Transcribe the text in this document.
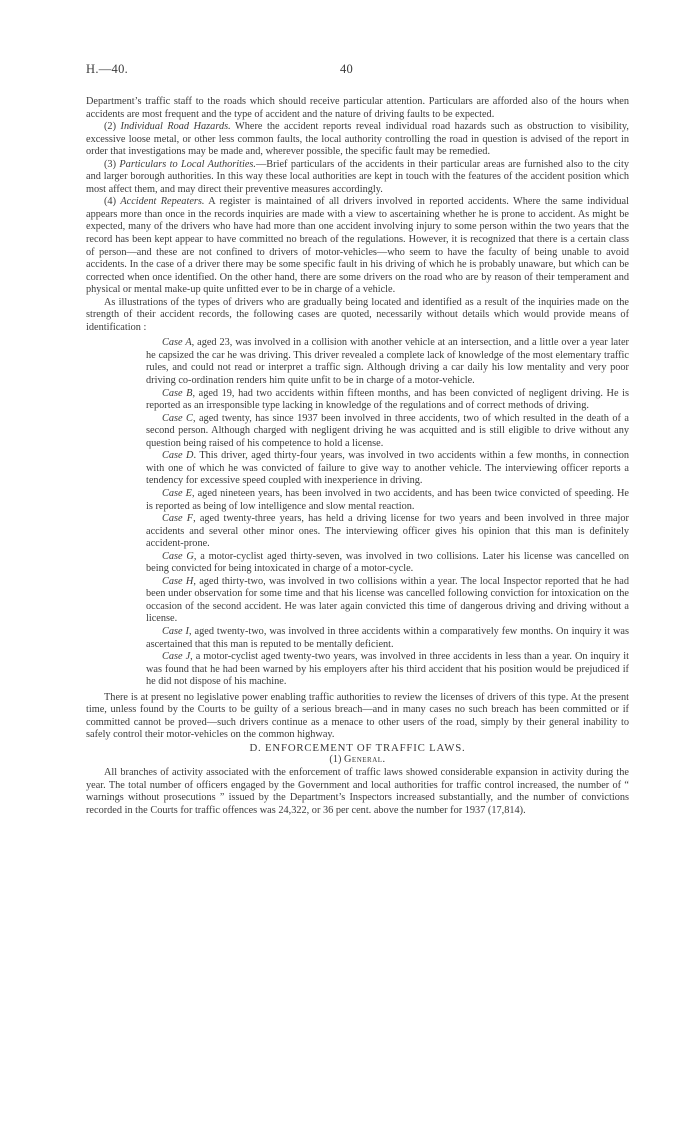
H.—40.	40

Department’s traffic staff to the roads which should receive particular attention. Particulars are afforded also of the hours when accidents are most frequent and the type of accident and the nature of driving faults to be expected.

(2) Individual Road Hazards. Where the accident reports reveal individual road hazards such as obstruction to visibility, excessive loose metal, or other less common faults, the local authority controlling the road in question is advised of the report in order that investigations may be made and, wherever possible, the specific fault may be remedied.

(3) Particulars to Local Authorities.—Brief particulars of the accidents in their particular areas are furnished also to the city and larger borough authorities. In this way these local authorities are kept in touch with the features of the accident position which most affect them, and may direct their preventive measures accordingly.

(4) Accident Repeaters. A register is maintained of all drivers involved in reported accidents. Where the same individual appears more than once in the records inquiries are made with a view to ascertaining whether he is prone to accident. As might be expected, many of the drivers who have had more than one accident involving injury to some person within the two years that the record has been kept appear to have committed no breach of the regulations. However, it is recognized that there is a certain class of person—and these are not confined to drivers of motor-vehicles—who seem to have the faculty of being unable to avoid accidents. In the case of a driver there may be some specific fault in his driving of which he is probably unaware, but which can be corrected when once identified. On the other hand, there are some drivers on the road who are by reason of their temperament and physical or mental make-up quite unfitted ever to be in charge of a vehicle.

As illustrations of the types of drivers who are gradually being located and identified as a result of the inquiries made on the strength of their accident records, the following cases are quoted, necessarily without details which would provide means of identification :

Case A, aged 23, was involved in a collision with another vehicle at an intersection, and a little over a year later he capsized the car he was driving. This driver revealed a complete lack of knowledge of the most elementary traffic rules, and could not read or interpret a traffic sign. Although driving a car daily his low mentality and very poor driving co-ordination renders him quite unfit to be in charge of a motor-vehicle.

Case B, aged 19, had two accidents within fifteen months, and has been convicted of negligent driving. He is reported as an irresponsible type lacking in knowledge of the regulations and of correct methods of driving.

Case C, aged twenty, has since 1937 been involved in three accidents, two of which resulted in the death of a second person. Although charged with negligent driving he was acquitted and is still eligible to drive without any question being raised of his competence to hold a license.

Case D. This driver, aged thirty-four years, was involved in two accidents within a few months, in connection with one of which he was convicted of failure to give way to another vehicle. The interviewing officer reports a tendency for excessive speed coupled with inexperience in driving.

Case E, aged nineteen years, has been involved in two accidents, and has been twice convicted of speeding. He is reported as being of low intelligence and slow mental reaction.

Case F, aged twenty-three years, has held a driving license for two years and been involved in three major accidents and several other minor ones. The interviewing officer gives his opinion that this man is definitely accident-prone.

Case G, a motor-cyclist aged thirty-seven, was involved in two collisions. Later his license was cancelled on being convicted for being intoxicated in charge of a motor-cycle.

Case H, aged thirty-two, was involved in two collisions within a year. The local Inspector reported that he had been under observation for some time and that his license was cancelled following conviction for intoxication on the occasion of the second accident. He was later again convicted this time of dangerous driving and driving without a license.

Case I, aged twenty-two, was involved in three accidents within a comparatively few months. On inquiry it was ascertained that this man is reputed to be mentally deficient.

Case J, a motor-cyclist aged twenty-two years, was involved in three accidents in less than a year. On inquiry it was found that he had been warned by his employers after his third accident that his position would be prejudiced if he did not dispose of his machine.

There is at present no legislative power enabling traffic authorities to review the licenses of drivers of this type. At the present time, unless found by the Courts to be guilty of a serious breach—and in many cases no such breach has been committed or if committed cannot be proved—such drivers continue as a menace to other users of the road, simply by their general inability to safely control their motor-vehicles on the common highway.

D. ENFORCEMENT OF TRAFFIC LAWS.

(1) General.

All branches of activity associated with the enforcement of traffic laws showed considerable expansion in activity during the year. The total number of officers engaged by the Government and local authorities for traffic control increased, the number of “ warnings without prosecutions ” issued by the Department’s Inspectors increased substantially, and the number of convictions recorded in the Courts for traffic offences was 24,322, or 36 per cent. above the number for 1937 (17,814).
